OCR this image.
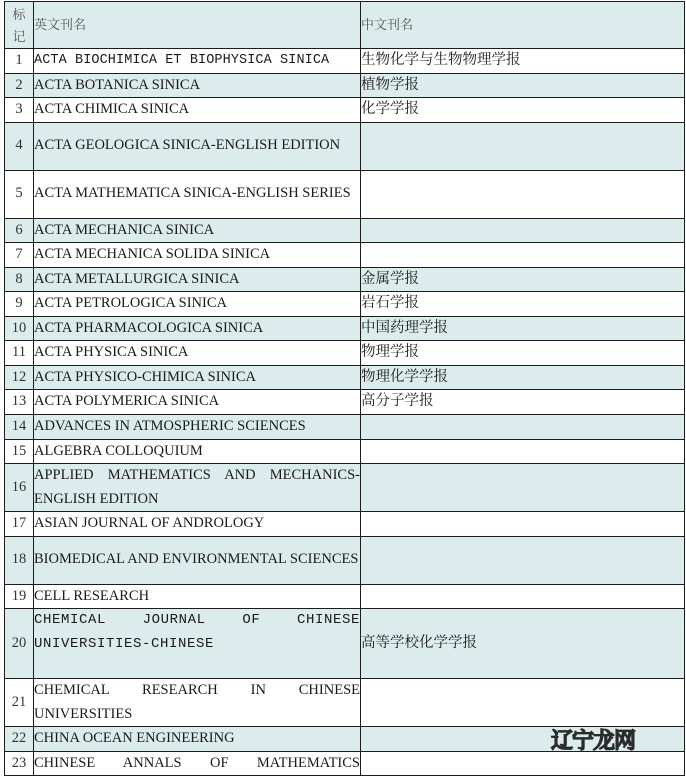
标
记	英文刊名	中文刊名
1	ACTA BIOCHIMICA ET BIOPHYSICA SINICA	生物化学与生物物理学报
2	ACTA BOTANICA SINICA	植物学报
3	ACTA CHIMICA SINICA	化学学报
4	ACTA GEOLOGICA SINICA-ENGLISH EDITION	
5	ACTA MATHEMATICA SINICA-ENGLISH SERIES	
6	ACTA MECHANICA SINICA	
7	ACTA MECHANICA SOLIDA SINICA	
8	ACTA METALLURGICA SINICA	金属学报
9	ACTA PETROLOGICA SINICA	岩石学报
10	ACTA PHARMACOLOGICA SINICA	中国药理学报
11	ACTA PHYSICA SINICA	物理学报
12	ACTA PHYSICO-CHIMICA SINICA	物理化学学报
13	ACTA POLYMERICA SINICA	高分子学报
14	ADVANCES IN ATMOSPHERIC SCIENCES	
15	ALGEBRA COLLOQUIUM	
16	APPLIED MATHEMATICS AND MECHANICS-ENGLISH EDITION	
17	ASIAN JOURNAL OF ANDROLOGY	
18	BIOMEDICAL AND ENVIRONMENTAL SCIENCES	
19	CELL RESEARCH	
20	CHEMICAL JOURNAL OF CHINESE UNIVERSITIES-CHINESE	高等学校化学学报
21	CHEMICAL RESEARCH IN CHINESE UNIVERSITIES	
22	CHINA OCEAN ENGINEERING	
23	CHINESE ANNALS OF MATHEMATICS	
辽宁龙网
